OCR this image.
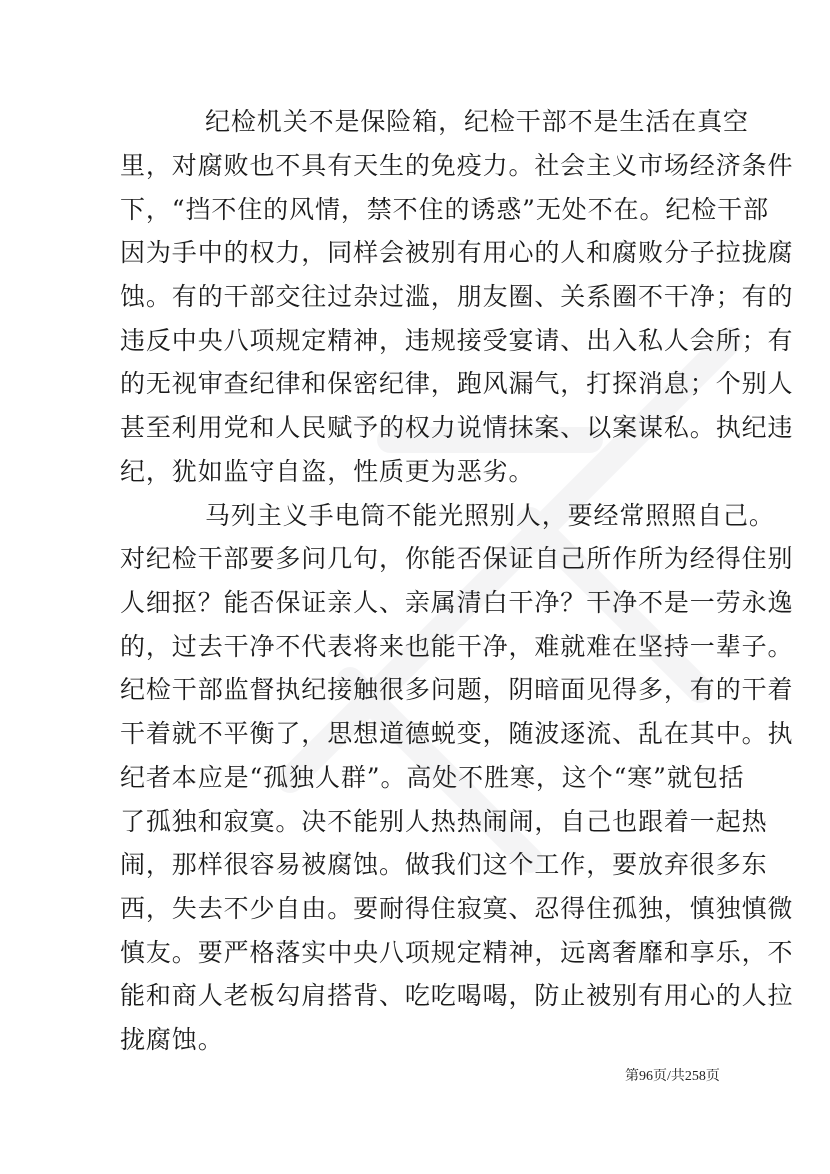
纪检机关不是保险箱，纪检干部不是生活在真空
里，对腐败也不具有天生的免疫力。社会主义市场经济条件
下，“挡不住的风情，禁不住的诱惑”无处不在。纪检干部
因为手中的权力，同样会被别有用心的人和腐败分子拉拢腐
蚀。有的干部交往过杂过滥，朋友圈、关系圈不干净；有的
违反中央八项规定精神，违规接受宴请、出入私人会所；有
的无视审查纪律和保密纪律，跑风漏气，打探消息；个别人
甚至利用党和人民赋予的权力说情抹案、以案谋私。执纪违
纪，犹如监守自盗，性质更为恶劣。
马列主义手电筒不能光照别人，要经常照照自己。
对纪检干部要多问几句，你能否保证自己所作所为经得住别
人细抠？能否保证亲人、亲属清白干净？干净不是一劳永逸
的，过去干净不代表将来也能干净，难就难在坚持一辈子。
纪检干部监督执纪接触很多问题，阴暗面见得多，有的干着
干着就不平衡了，思想道德蜕变，随波逐流、乱在其中。执
纪者本应是“孤独人群”。高处不胜寒，这个“寒”就包括
了孤独和寂寞。决不能别人热热闹闹，自己也跟着一起热
闹，那样很容易被腐蚀。做我们这个工作，要放弃很多东
西，失去不少自由。要耐得住寂寞、忍得住孤独，慎独慎微
慎友。要严格落实中央八项规定精神，远离奢靡和享乐，不
能和商人老板勾肩搭背、吃吃喝喝，防止被别有用心的人拉
拢腐蚀。
第96页/共258页
